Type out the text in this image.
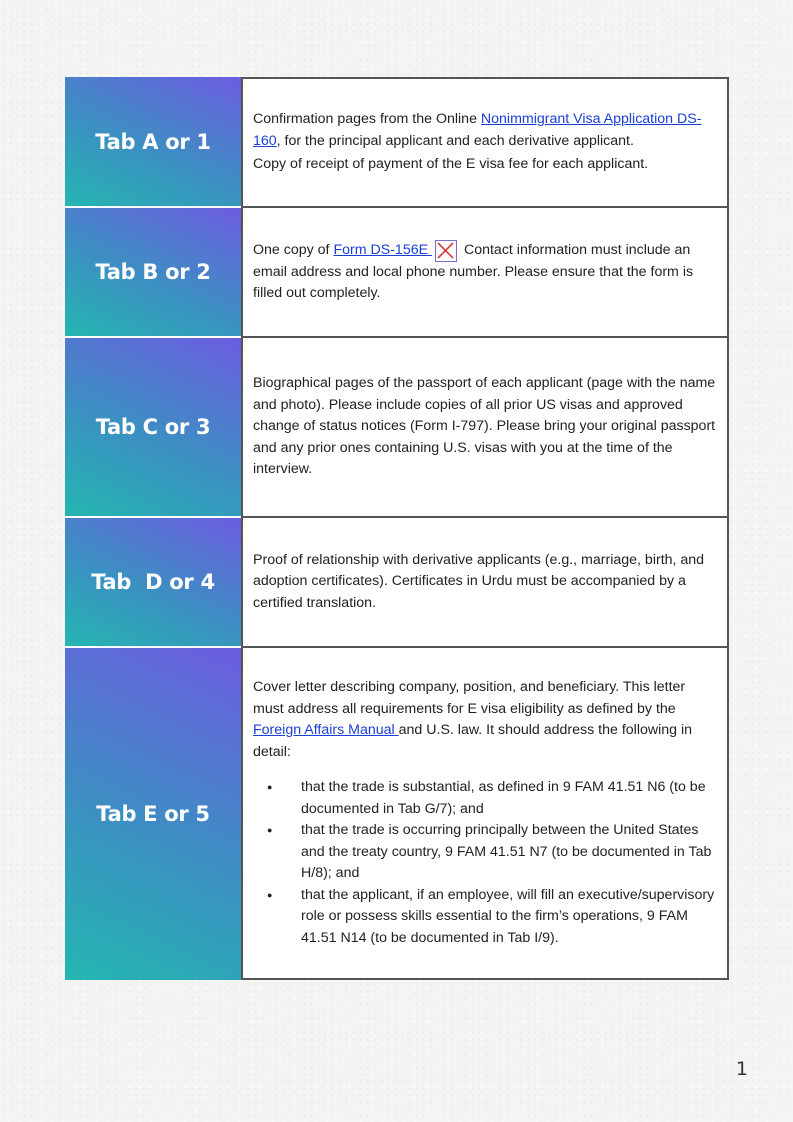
Tab A or 1

Confirmation pages from the Online Nonimmigrant Visa Application DS-160, for the principal applicant and each derivative applicant.

Copy of receipt of payment of the E visa fee for each applicant.

Tab B or 2

One copy of Form DS-156E  Contact information must include an email address and local phone number. Please ensure that the form is filled out completely.

Tab C or 3

Biographical pages of the passport of each applicant (page with the name and photo). Please include copies of all prior US visas and approved change of status notices (Form I-797). Please bring your original passport and any prior ones containing U.S. visas with you at the time of the interview.

Tab  D or 4

Proof of relationship with derivative applicants (e.g., marriage, birth, and adoption certificates). Certificates in Urdu must be accompanied by a certified translation.

Tab E or 5

Cover letter describing company, position, and beneficiary. This letter must address all requirements for E visa eligibility as defined by the Foreign Affairs Manual and U.S. law. It should address the following in detail:

● that the trade is substantial, as defined in 9 FAM 41.51 N6 (to be documented in Tab G/7); and
● that the trade is occurring principally between the United States and the treaty country, 9 FAM 41.51 N7 (to be documented in Tab H/8); and
● that the applicant, if an employee, will fill an executive/supervisory role or possess skills essential to the firm’s operations, 9 FAM 41.51 N14 (to be documented in Tab I/9).
1
